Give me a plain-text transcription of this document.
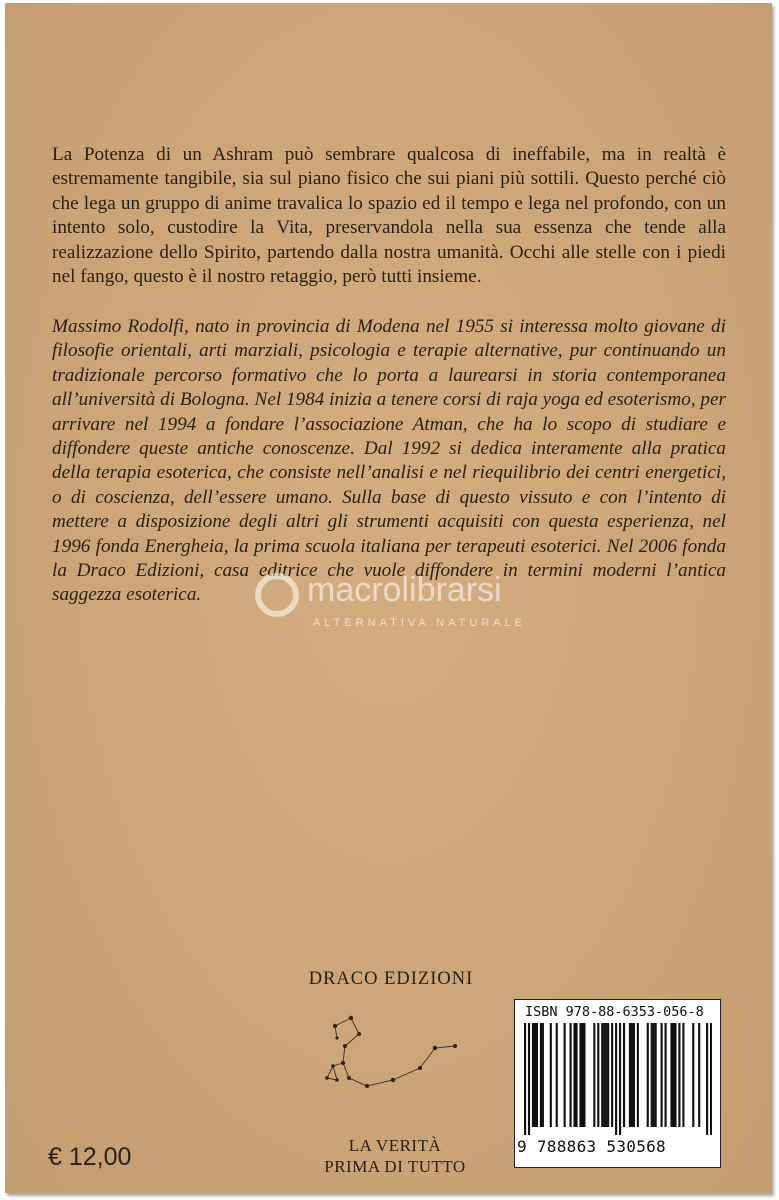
La Potenza di un Ashram può sembrare qualcosa di ineffabile, ma in realtà è estremamente tangibile, sia sul piano fisico che sui piani più sottili. Questo perché ciò che lega un gruppo di anime travalica lo spazio ed il tempo e lega nel profondo, con un intento solo, custodire la Vita, preservandola nella sua essenza che tende alla realizzazione dello Spirito, partendo dalla nostra umanità. Occhi alle stelle con i piedi nel fango, questo è il nostro retaggio, però tutti insieme.

Massimo Rodolfi, nato in provincia di Modena nel 1955 si interessa molto giovane di filosofie orientali, arti marziali, psicologia e terapie alternative, pur continuando un tradizionale percorso formativo che lo porta a laurearsi in storia contemporanea all’università di Bologna. Nel 1984 inizia a tenere corsi di raja yoga ed esoterismo, per arrivare nel 1994 a fondare l’associazione Atman, che ha lo scopo di studiare e diffondere queste antiche conoscenze. Dal 1992 si dedica interamente alla pratica della terapia esoterica, che consiste nell’analisi e nel riequilibrio dei centri energetici, o di coscienza, dell’essere umano. Sulla base di questo vissuto e con l’intento di mettere a disposizione degli altri gli strumenti acquisiti con questa esperienza, nel 1996 fonda Energheia, la prima scuola italiana per terapeuti esoterici. Nel 2006 fonda la Draco Edizioni, casa editrice che vuole diffondere in termini moderni l’antica saggezza esoterica.	macrolibrarsi
ALTERNATIVA NATURALE
DRACO EDIZIONI
LA VERITÀ
PRIMA DI TUTTO
€ 12,00
ISBN 978-88-6353-056-8
9 788863 530568
